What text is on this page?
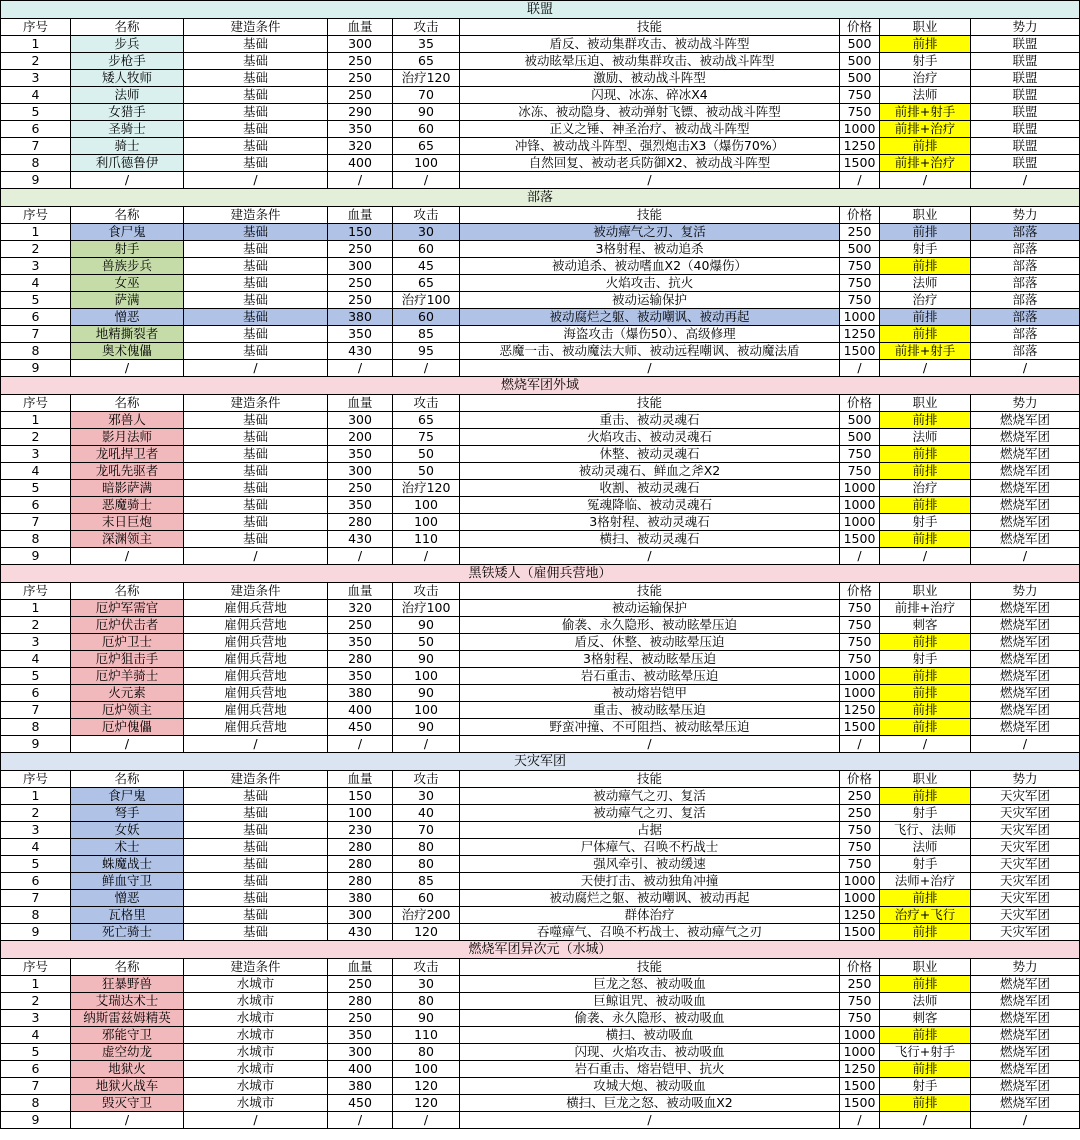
联盟
序号	名称	建造条件	血量	攻击	技能	价格	职业	势力
1	步兵	基础	300	35	盾反、被动集群攻击、被动战斗阵型	500	前排	联盟
2	步枪手	基础	250	65	被动眩晕压迫、被动集群攻击、被动战斗阵型	500	射手	联盟
3	矮人牧师	基础	250	治疗120	激励、被动战斗阵型	500	治疗	联盟
4	法师	基础	250	70	闪现、冰冻、碎冰X4	750	法师	联盟
5	女猎手	基础	290	90	冰冻、被动隐身、被动弹射飞镖、被动战斗阵型	750	前排+射手	联盟
6	圣骑士	基础	350	60	正义之锤、神圣治疗、被动战斗阵型	1000	前排+治疗	联盟
7	骑士	基础	320	65	冲锋、被动战斗阵型、强烈炮击X3（爆伤70%）	1250	前排	联盟
8	利爪德鲁伊	基础	400	100	自然回复、被动老兵防御X2、被动战斗阵型	1500	前排+治疗	联盟
9	/	/	/	/	/	/	/	/
部落
序号	名称	建造条件	血量	攻击	技能	价格	职业	势力
1	食尸鬼	基础	150	30	被动瘴气之刃、复活	250	前排	部落
2	射手	基础	250	60	3格射程、被动追杀	500	射手	部落
3	兽族步兵	基础	300	45	被动追杀、被动嗜血X2（40爆伤）	750	前排	部落
4	女巫	基础	250	65	火焰攻击、抗火	750	法师	部落
5	萨满	基础	250	治疗100	被动运输保护	750	治疗	部落
6	憎恶	基础	380	60	被动腐烂之躯、被动嘲讽、被动再起	1000	前排	部落
7	地精撕裂者	基础	350	85	海盗攻击（爆伤50）、高级修理	1250	前排	部落
8	奥术傀儡	基础	430	95	恶魔一击、被动魔法大师、被动远程嘲讽、被动魔法盾	1500	前排+射手	部落
9	/	/	/	/	/	/	/	/
燃烧军团外域
序号	名称	建造条件	血量	攻击	技能	价格	职业	势力
1	邪兽人	基础	300	65	重击、被动灵魂石	500	前排	燃烧军团
2	影月法师	基础	200	75	火焰攻击、被动灵魂石	500	法师	燃烧军团
3	龙吼捍卫者	基础	350	50	休整、被动灵魂石	750	前排	燃烧军团
4	龙吼先驱者	基础	300	50	被动灵魂石、鲜血之斧X2	750	前排	燃烧军团
5	暗影萨满	基础	250	治疗120	收割、被动灵魂石	1000	治疗	燃烧军团
6	恶魔骑士	基础	350	100	冤魂降临、被动灵魂石	1000	前排	燃烧军团
7	末日巨炮	基础	280	100	3格射程、被动灵魂石	1000	射手	燃烧军团
8	深渊领主	基础	430	110	横扫、被动灵魂石	1500	前排	燃烧军团
9	/	/	/	/	/	/	/	/
黑铁矮人（雇佣兵营地）
序号	名称	建造条件	血量	攻击	技能	价格	职业	势力
1	厄炉军需官	雇佣兵营地	320	治疗100	被动运输保护	750	前排+治疗	燃烧军团
2	厄炉伏击者	雇佣兵营地	250	90	偷袭、永久隐形、被动眩晕压迫	750	刺客	燃烧军团
3	厄炉卫士	雇佣兵营地	350	50	盾反、休整、被动眩晕压迫	750	前排	燃烧军团
4	厄炉狙击手	雇佣兵营地	280	90	3格射程、被动眩晕压迫	750	射手	燃烧军团
5	厄炉羊骑士	雇佣兵营地	350	100	岩石重击、被动眩晕压迫	1000	前排	燃烧军团
6	火元素	雇佣兵营地	380	90	被动熔岩铠甲	1000	前排	燃烧军团
7	厄炉领主	雇佣兵营地	400	100	重击、被动眩晕压迫	1250	前排	燃烧军团
8	厄炉傀儡	雇佣兵营地	450	90	野蛮冲撞、不可阻挡、被动眩晕压迫	1500	前排	燃烧军团
9	/	/	/	/	/	/	/	/
天灾军团
序号	名称	建造条件	血量	攻击	技能	价格	职业	势力
1	食尸鬼	基础	150	30	被动瘴气之刃、复活	250	前排	天灾军团
2	弩手	基础	100	40	被动瘴气之刃、复活	250	射手	天灾军团
3	女妖	基础	230	70	占据	750	飞行、法师	天灾军团
4	术士	基础	280	80	尸体瘴气、召唤不朽战士	750	法师	天灾军团
5	蛛魔战士	基础	280	80	强风牵引、被动缓速	750	射手	天灾军团
6	鲜血守卫	基础	280	85	天使打击、被动独角冲撞	1000	法师+治疗	天灾军团
7	憎恶	基础	380	60	被动腐烂之躯、被动嘲讽、被动再起	1000	前排	天灾军团
8	瓦格里	基础	300	治疗200	群体治疗	1250	治疗+飞行	天灾军团
9	死亡骑士	基础	430	120	吞噬瘴气、召唤不朽战士、被动瘴气之刃	1500	前排	天灾军团
燃烧军团异次元（水城）
序号	名称	建造条件	血量	攻击	技能	价格	职业	势力
1	狂暴野兽	水城市	250	30	巨龙之怒、被动吸血	250	前排	燃烧军团
2	艾瑞达术士	水城市	280	80	巨鲸诅咒、被动吸血	750	法师	燃烧军团
3	纳斯雷兹姆精英	水城市	250	90	偷袭、永久隐形、被动吸血	750	刺客	燃烧军团
4	邪能守卫	水城市	350	110	横扫、被动吸血	1000	前排	燃烧军团
5	虚空幼龙	水城市	300	80	闪现、火焰攻击、被动吸血	1000	飞行+射手	燃烧军团
6	地狱火	水城市	400	100	岩石重击、熔岩铠甲、抗火	1250	前排	燃烧军团
7	地狱火战车	水城市	380	120	攻城大炮、被动吸血	1500	射手	燃烧军团
8	毁灭守卫	水城市	450	120	横扫、巨龙之怒、被动吸血X2	1500	前排	燃烧军团
9	/	/	/	/	/	/	/	/
